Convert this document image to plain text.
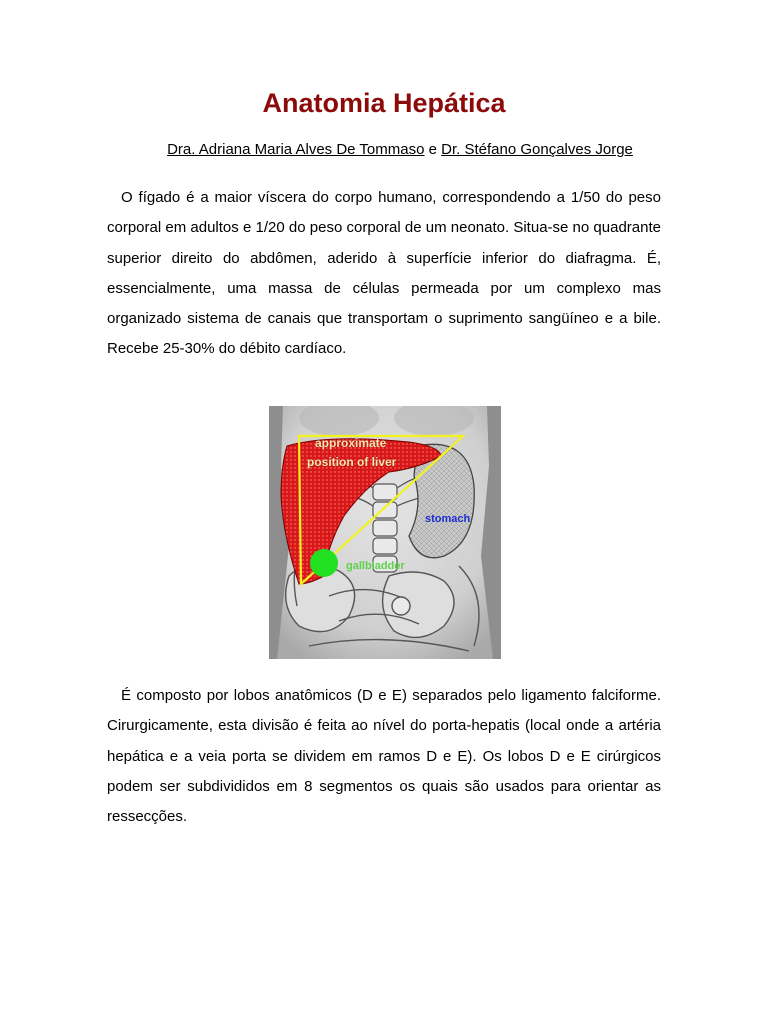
Anatomia Hepática
Dra. Adriana Maria Alves De Tommaso e Dr. Stéfano Gonçalves Jorge

O fígado é a maior víscera do corpo humano, correspondendo a 1/50 do peso corporal em adultos e 1/20 do peso corporal de um neonato. Situa-se no quadrante superior direito do abdômen, aderido à superfície inferior do diafragma. É, essencialmente, uma massa de células permeada por um complexo mas organizado sistema de canais que transportam o suprimento sangüíneo e a bile. Recebe 25-30% do débito cardíaco.

approximate
position of liver
stomach
gallbladder

É composto por lobos anatômicos (D e E) separados pelo ligamento falciforme. Cirurgicamente, esta divisão é feita ao nível do porta-hepatis (local onde a artéria hepática e a veia porta se dividem em ramos D e E). Os lobos D e E cirúrgicos podem ser subdivididos em 8 segmentos os quais são usados para orientar as ressecções.
